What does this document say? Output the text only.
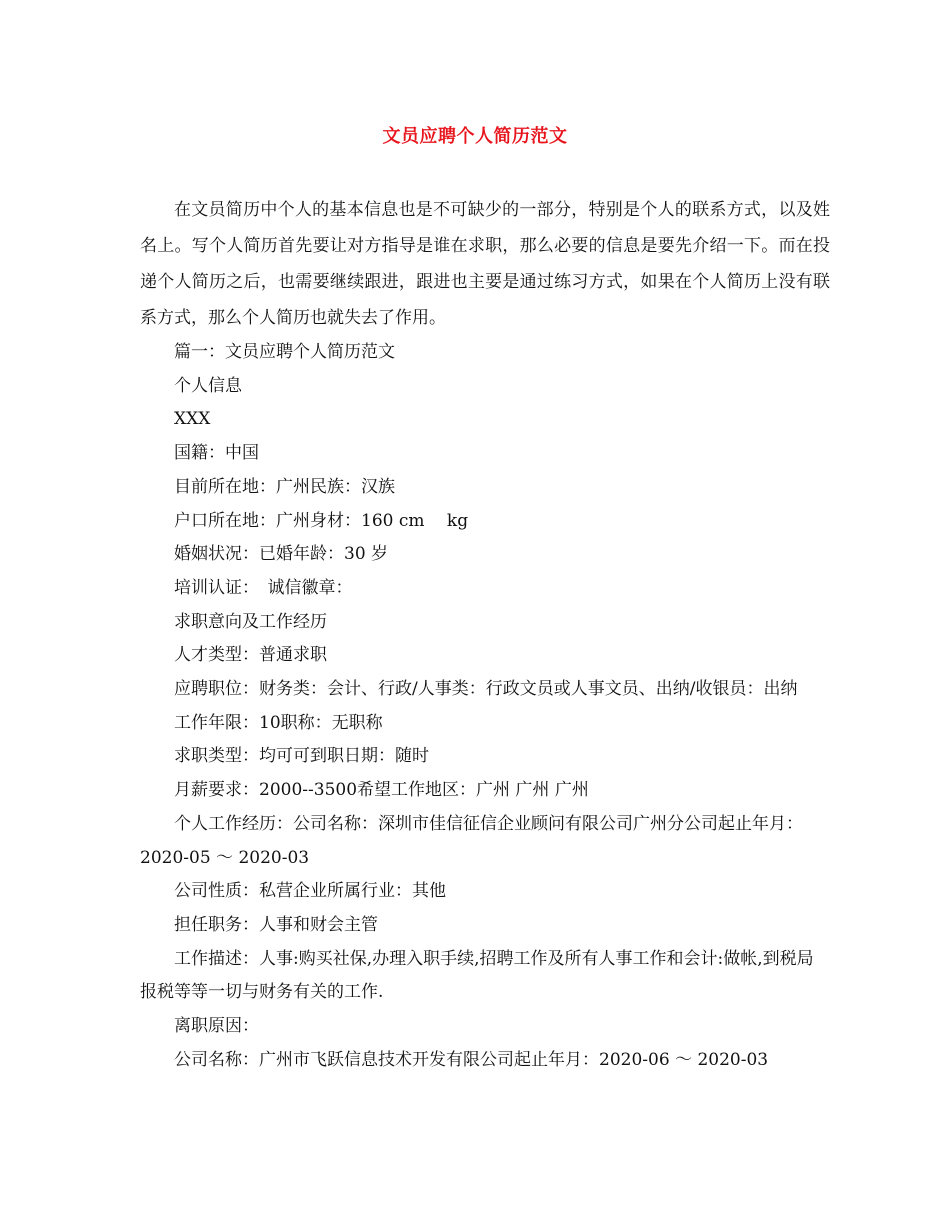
文员应聘个人简历范文

在文员简历中个人的基本信息也是不可缺少的一部分，特别是个人的联系方式，以及姓名上。写个人简历首先要让对方指导是谁在求职，那么必要的信息是要先介绍一下。而在投递个人简历之后，也需要继续跟进，跟进也主要是通过练习方式，如果在个人简历上没有联系方式，那么个人简历也就失去了作用。

篇一：文员应聘个人简历范文

个人信息

XXX

国籍：中国

目前所在地：广州民族：汉族

户口所在地：广州身材：160 cm　 kg

婚姻状况：已婚年龄：30 岁

培训认证：　诚信徽章：

求职意向及工作经历

人才类型：普通求职

应聘职位：财务类：会计、行政/人事类：行政文员或人事文员、出纳/收银员：出纳

工作年限：10职称：无职称

求职类型：均可可到职日期：随时

月薪要求：2000--3500希望工作地区：广州 广州 广州

个人工作经历：公司名称：深圳市佳信征信企业顾问有限公司广州分公司起止年月：2020-05 ～ 2020-03

公司性质：私营企业所属行业：其他

担任职务：人事和财会主管

工作描述：人事:购买社保,办理入职手续,招聘工作及所有人事工作和会计:做帐,到税局报税等等一切与财务有关的工作.

离职原因：

公司名称：广州市飞跃信息技术开发有限公司起止年月：2020-06 ～ 2020-03
